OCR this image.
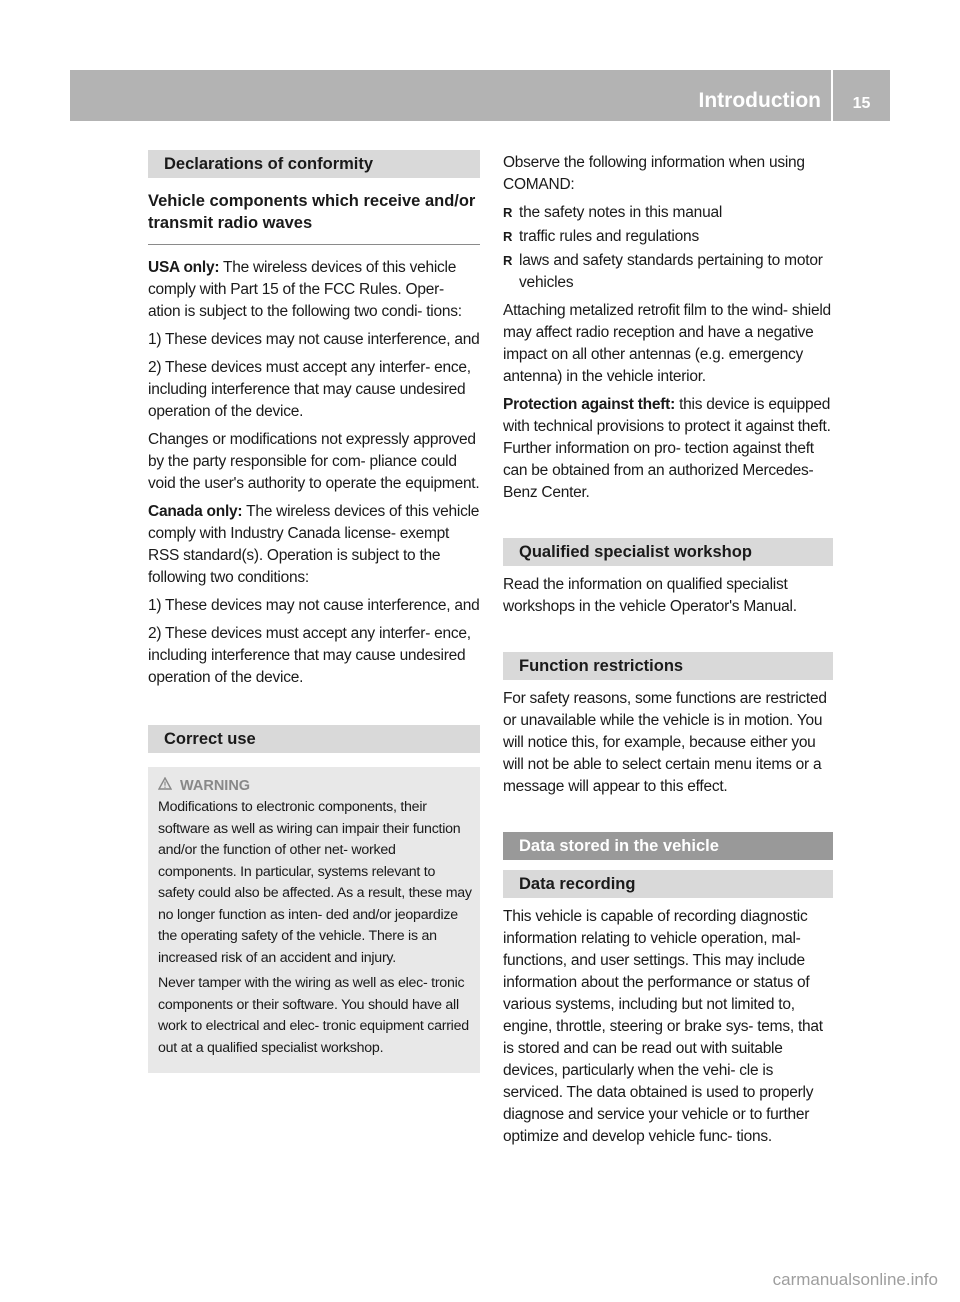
Introduction	15
Declarations of conformity
Vehicle components which receive and/or transmit radio waves

USA only: The wireless devices of this vehicle comply with Part 15 of the FCC Rules. Oper- ation is subject to the following two condi- tions:

1) These devices may not cause interference, and

2) These devices must accept any interfer- ence, including interference that may cause undesired operation of the device.

Changes or modifications not expressly approved by the party responsible for com- pliance could void the user's authority to operate the equipment.

Canada only: The wireless devices of this vehicle comply with Industry Canada license- exempt RSS standard(s). Operation is subject to the following two conditions:

1) These devices may not cause interference, and

2) These devices must accept any interfer- ence, including interference that may cause undesired operation of the device.

Correct use
WARNING

Modifications to electronic components, their software as well as wiring can impair their function and/or the function of other net- worked components. In particular, systems relevant to safety could also be affected. As a result, these may no longer function as inten- ded and/or jeopardize the operating safety of the vehicle. There is an increased risk of an accident and injury.

Never tamper with the wiring as well as elec- tronic components or their software. You should have all work to electrical and elec- tronic equipment carried out at a qualified specialist workshop.

Observe the following information when using COMAND:

R the safety notes in this manual
R traffic rules and regulations
R laws and safety standards pertaining to motor vehicles

Attaching metalized retrofit film to the wind- shield may affect radio reception and have a negative impact on all other antennas (e.g. emergency antenna) in the vehicle interior.

Protection against theft: this device is equipped with technical provisions to protect it against theft. Further information on pro- tection against theft can be obtained from an authorized Mercedes-Benz Center.

Qualified specialist workshop

Read the information on qualified specialist workshops in the vehicle Operator's Manual.

Function restrictions

For safety reasons, some functions are restricted or unavailable while the vehicle is in motion. You will notice this, for example, because either you will not be able to select certain menu items or a message will appear to this effect.

Data stored in the vehicle
Data recording

This vehicle is capable of recording diagnostic information relating to vehicle operation, mal- functions, and user settings. This may include information about the performance or status of various systems, including but not limited to, engine, throttle, steering or brake sys- tems, that is stored and can be read out with suitable devices, particularly when the vehi- cle is serviced. The data obtained is used to properly diagnose and service your vehicle or to further optimize and develop vehicle func- tions.

carmanualsonline.info
